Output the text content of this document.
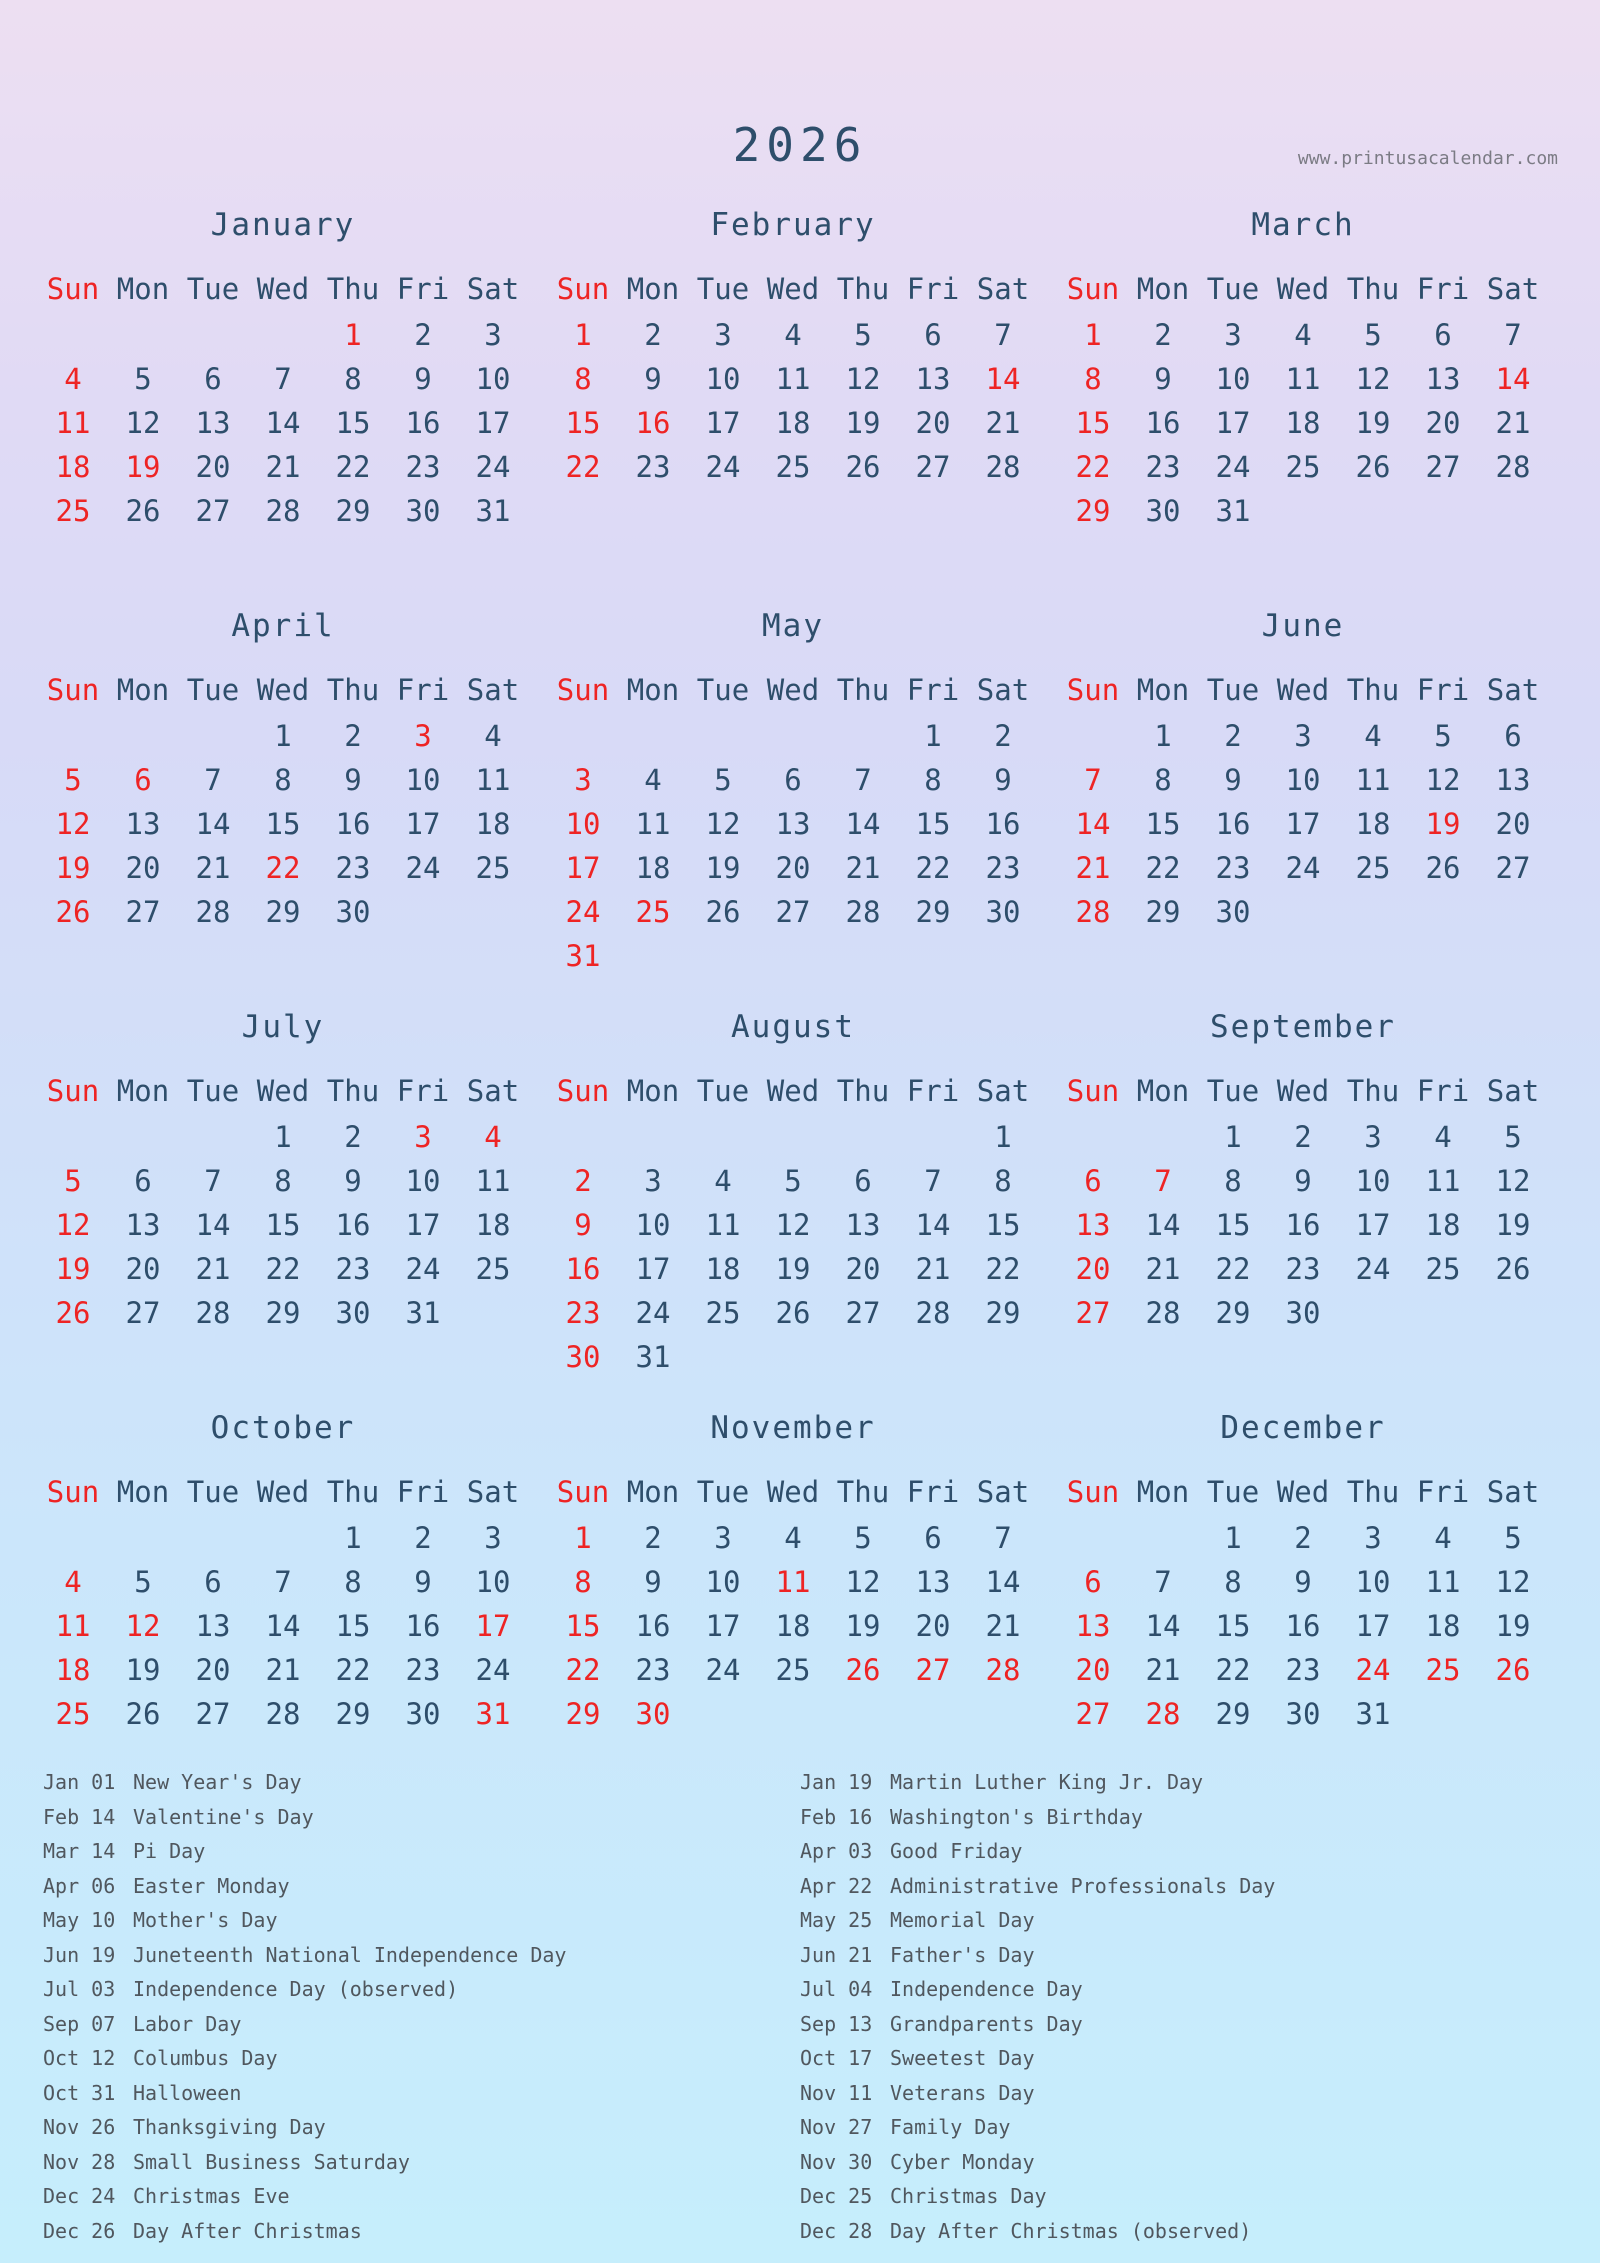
2026	www.printusacalendar.com
January
Sun	Mon	Tue	Wed	Thu	Fri	Sat
				1	2	3
4	5	6	7	8	9	10
11	12	13	14	15	16	17
18	19	20	21	22	23	24
25	26	27	28	29	30	31
February
Sun	Mon	Tue	Wed	Thu	Fri	Sat
1	2	3	4	5	6	7
8	9	10	11	12	13	14
15	16	17	18	19	20	21
22	23	24	25	26	27	28
March
Sun	Mon	Tue	Wed	Thu	Fri	Sat
1	2	3	4	5	6	7
8	9	10	11	12	13	14
15	16	17	18	19	20	21
22	23	24	25	26	27	28
29	30	31				
April
Sun	Mon	Tue	Wed	Thu	Fri	Sat
			1	2	3	4
5	6	7	8	9	10	11
12	13	14	15	16	17	18
19	20	21	22	23	24	25
26	27	28	29	30		
May
Sun	Mon	Tue	Wed	Thu	Fri	Sat
					1	2
3	4	5	6	7	8	9
10	11	12	13	14	15	16
17	18	19	20	21	22	23
24	25	26	27	28	29	30
31						
June
Sun	Mon	Tue	Wed	Thu	Fri	Sat
	1	2	3	4	5	6
7	8	9	10	11	12	13
14	15	16	17	18	19	20
21	22	23	24	25	26	27
28	29	30				
July
Sun	Mon	Tue	Wed	Thu	Fri	Sat
			1	2	3	4
5	6	7	8	9	10	11
12	13	14	15	16	17	18
19	20	21	22	23	24	25
26	27	28	29	30	31	
August
Sun	Mon	Tue	Wed	Thu	Fri	Sat
						1
2	3	4	5	6	7	8
9	10	11	12	13	14	15
16	17	18	19	20	21	22
23	24	25	26	27	28	29
30	31					
September
Sun	Mon	Tue	Wed	Thu	Fri	Sat
		1	2	3	4	5
6	7	8	9	10	11	12
13	14	15	16	17	18	19
20	21	22	23	24	25	26
27	28	29	30			
October
Sun	Mon	Tue	Wed	Thu	Fri	Sat
				1	2	3
4	5	6	7	8	9	10
11	12	13	14	15	16	17
18	19	20	21	22	23	24
25	26	27	28	29	30	31
November
Sun	Mon	Tue	Wed	Thu	Fri	Sat
1	2	3	4	5	6	7
8	9	10	11	12	13	14
15	16	17	18	19	20	21
22	23	24	25	26	27	28
29	30					
December
Sun	Mon	Tue	Wed	Thu	Fri	Sat
		1	2	3	4	5
6	7	8	9	10	11	12
13	14	15	16	17	18	19
20	21	22	23	24	25	26
27	28	29	30	31		
Jan 01 New Year's Day
Feb 14 Valentine's Day
Mar 14 Pi Day
Apr 06 Easter Monday
May 10 Mother's Day
Jun 19 Juneteenth National Independence Day
Jul 03 Independence Day (observed)
Sep 07 Labor Day
Oct 12 Columbus Day
Oct 31 Halloween
Nov 26 Thanksgiving Day
Nov 28 Small Business Saturday
Dec 24 Christmas Eve
Dec 26 Day After Christmas
Jan 19 Martin Luther King Jr. Day
Feb 16 Washington's Birthday
Apr 03 Good Friday
Apr 22 Administrative Professionals Day
May 25 Memorial Day
Jun 21 Father's Day
Jul 04 Independence Day
Sep 13 Grandparents Day
Oct 17 Sweetest Day
Nov 11 Veterans Day
Nov 27 Family Day
Nov 30 Cyber Monday
Dec 25 Christmas Day
Dec 28 Day After Christmas (observed)
